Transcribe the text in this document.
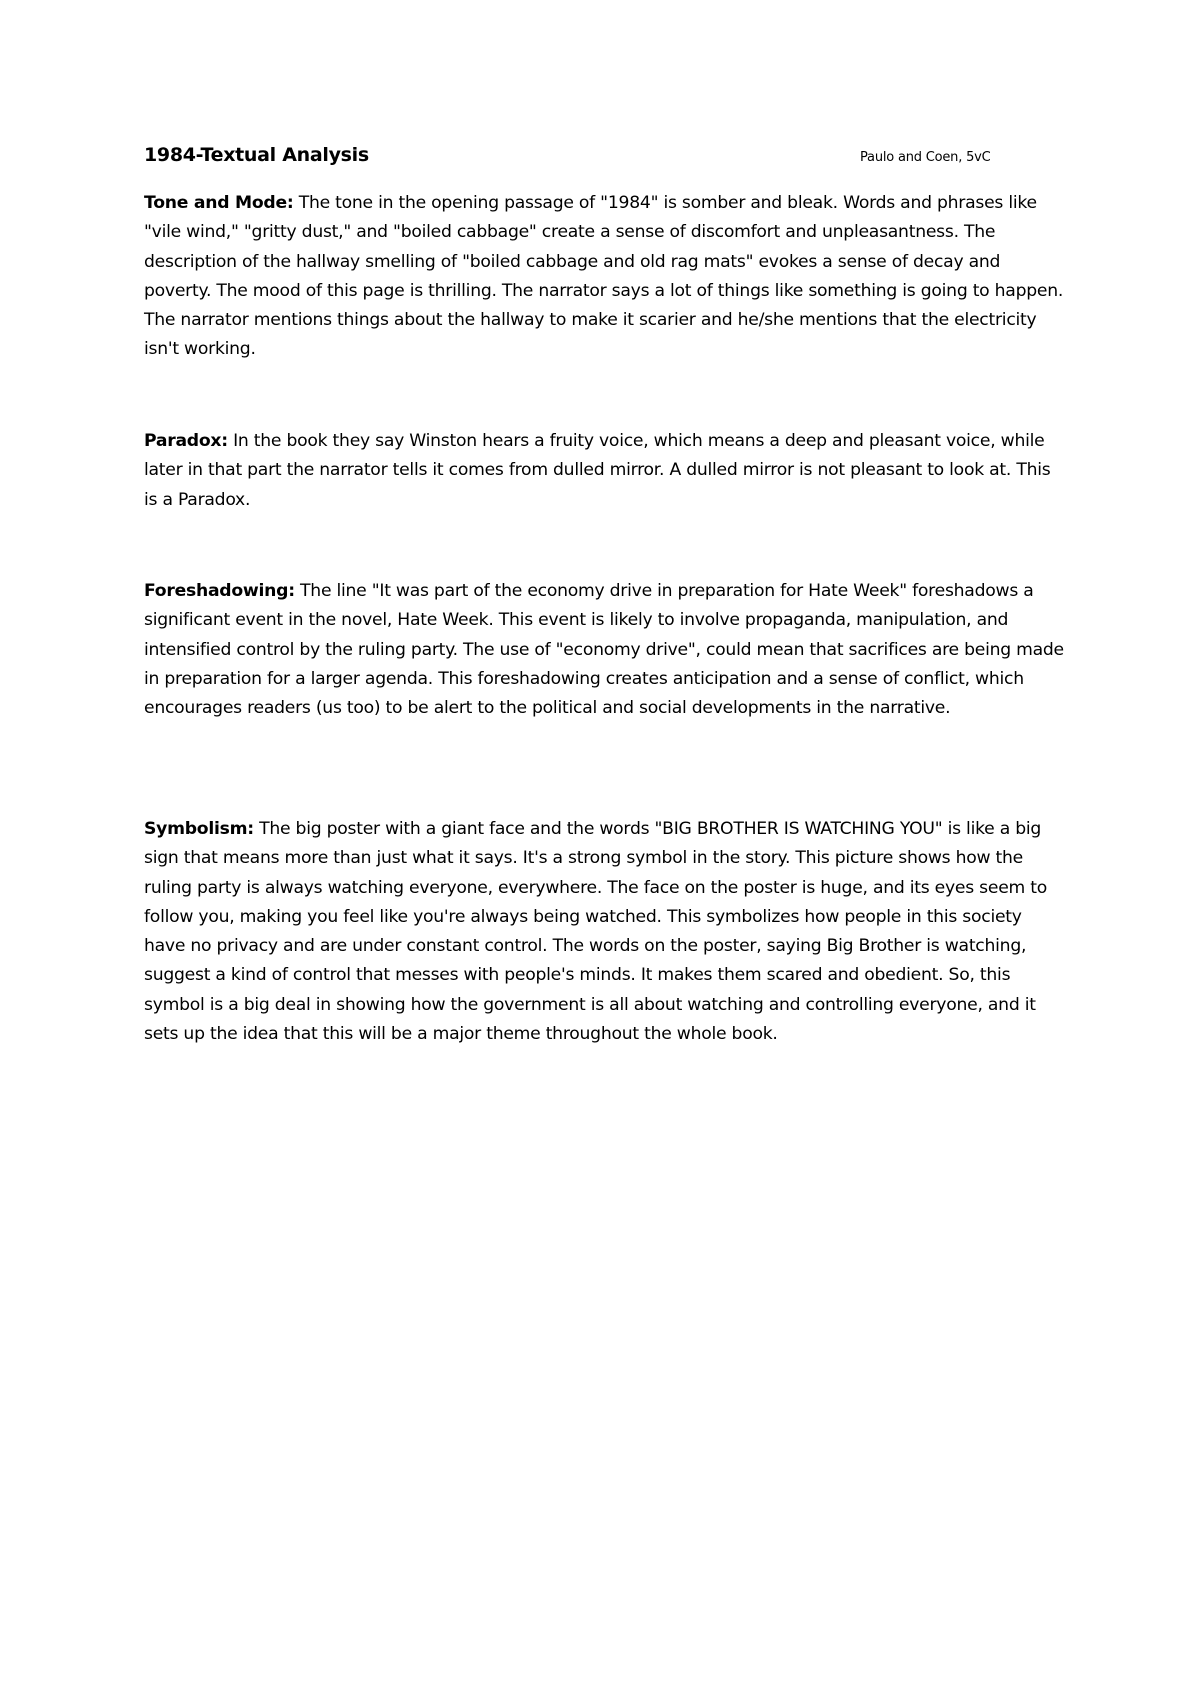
1984-Textual Analysis	Paulo and Coen, 5vC
Tone and Mode: The tone in the opening passage of "1984" is somber and bleak. Words and phrases like "vile wind," "gritty dust," and "boiled cabbage" create a sense of discomfort and unpleasantness. The description of the hallway smelling of "boiled cabbage and old rag mats" evokes a sense of decay and poverty. The mood of this page is thrilling. The narrator says a lot of things like something is going to happen. The narrator mentions things about the hallway to make it scarier and he/she mentions that the electricity isn't working.
Paradox: In the book they say Winston hears a fruity voice, which means a deep and pleasant voice, while later in that part the narrator tells it comes from dulled mirror. A dulled mirror is not pleasant to look at. This is a Paradox.
Foreshadowing: The line "It was part of the economy drive in preparation for Hate Week" foreshadows a significant event in the novel, Hate Week. This event is likely to involve propaganda, manipulation, and intensified control by the ruling party. The use of "economy drive", could mean that sacrifices are being made in preparation for a larger agenda. This foreshadowing creates anticipation and a sense of conflict, which encourages readers (us too) to be alert to the political and social developments in the narrative.
Symbolism: The big poster with a giant face and the words "BIG BROTHER IS WATCHING YOU" is like a big sign that means more than just what it says. It's a strong symbol in the story. This picture shows how the ruling party is always watching everyone, everywhere. The face on the poster is huge, and its eyes seem to follow you, making you feel like you're always being watched. This symbolizes how people in this society have no privacy and are under constant control. The words on the poster, saying Big Brother is watching, suggest a kind of control that messes with people's minds. It makes them scared and obedient. So, this symbol is a big deal in showing how the government is all about watching and controlling everyone, and it sets up the idea that this will be a major theme throughout the whole book.
